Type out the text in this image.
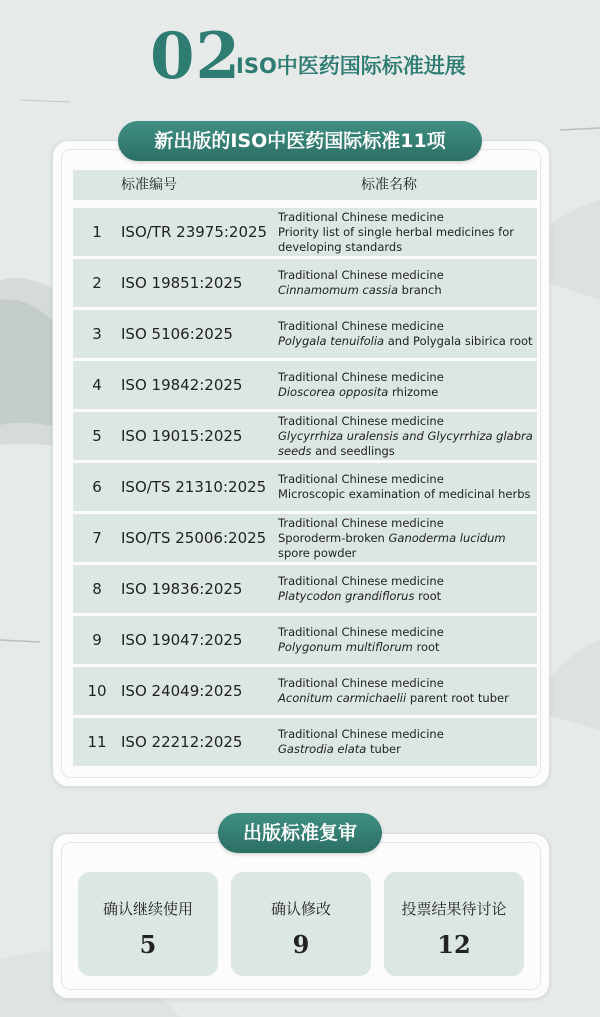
02
ISO中医药国际标准进展
新出版的ISO中医药国际标准11项
标准编号	标准名称
1	ISO/TR 23975:2025
Traditional Chinese medicine
Priority list of single herbal medicines for
developing standards
2	ISO 19851:2025	Traditional Chinese medicine
Cinnamomum cassia branch
3	ISO 5106:2025	Traditional Chinese medicine
Polygala tenuifolia and Polygala sibirica root
4	ISO 19842:2025	Traditional Chinese medicine
Dioscorea opposita rhizome
5	ISO 19015:2025
Traditional Chinese medicine
Glycyrrhiza uralensis and Glycyrrhiza glabra
seeds and seedlings
6	ISO/TS 21310:2025 Traditional Chinese medicine
Microscopic examination of medicinal herbs
7	ISO/TS 25006:2025
Traditional Chinese medicine
Sporoderm-broken Ganoderma lucidum
spore powder
8	ISO 19836:2025	Traditional Chinese medicine
Platycodon grandiflorus root
9	ISO 19047:2025	Traditional Chinese medicine
Polygonum multiflorum root
10 ISO 24049:2025	Traditional Chinese medicine
Aconitum carmichaelii parent root tuber
11 ISO 22212:2025	Traditional Chinese medicine
Gastrodia elata tuber
出版标准复审
确认继续使用
5
确认修改
9
投票结果待讨论
12
